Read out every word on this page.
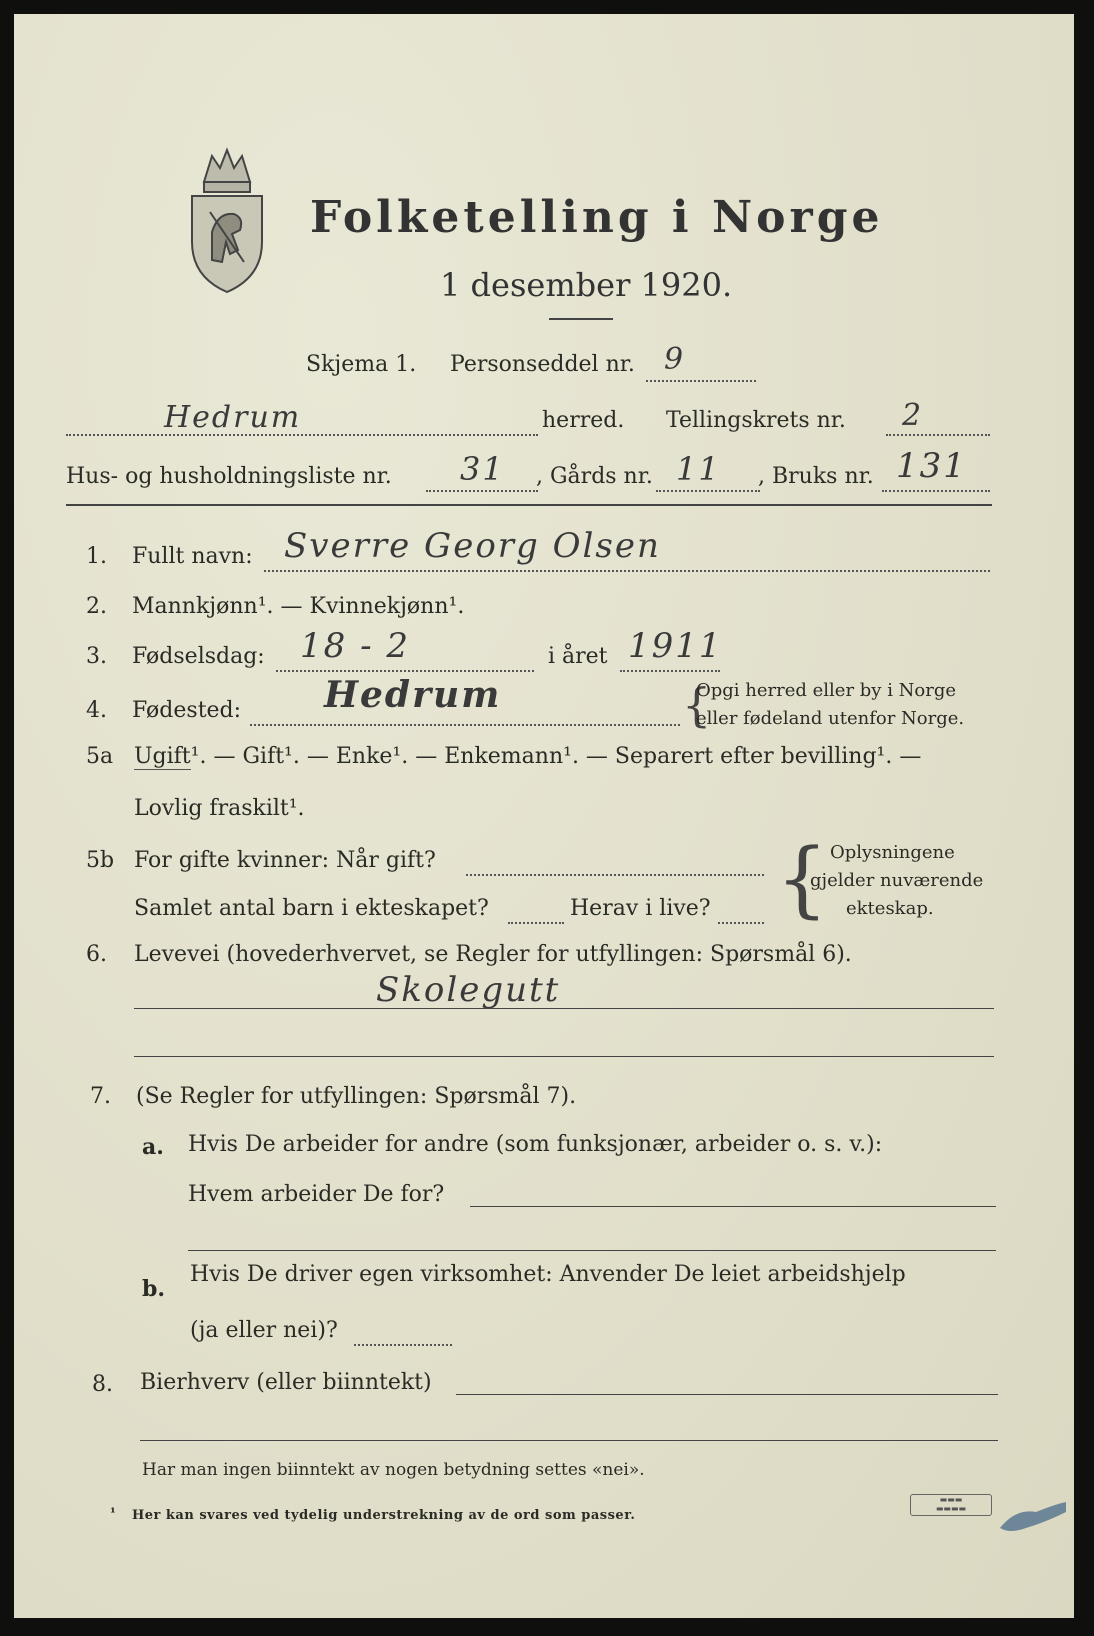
Folketelling i Norge
1 desember 1920.
Skjema 1. Personseddel nr. 9
Hedrum	herred. Tellingskrets nr. 2
Hus- og husholdningsliste nr. 31 , Gårds nr. 11 , Bruks nr. 131
1. Fullt navn: Sverre Georg Olsen
2. Mannkjønn¹. — Kvinnekjønn¹.
3. Fødselsdag: 18 - 2	i året 1911
4. Fødested: Hedrum	{
Opgi herred eller by i Norge
eller fødeland utenfor Norge.
5a Ugift¹. — Gift¹. — Enke¹. — Enkemann¹. — Separert efter bevilling¹. —
Lovlig fraskilt¹.
5b For gifte kvinner: Når gift?
Samlet antal barn i ekteskapet?	Herav i live? { Oplysningene
gjelder nuværende
ekteskap.
6. Levevei (hovederhvervet, se Regler for utfyllingen: Spørsmål 6).
Skolegutt
7. (Se Regler for utfyllingen: Spørsmål 7).
a. Hvis De arbeider for andre (som funksjonær, arbeider o. s. v.):
Hvem arbeider De for?
b.
Hvis De driver egen virksomhet: Anvender De leiet arbeidshjelp
(ja eller nei)?
8. Bierhverv (eller biinntekt)
Har man ingen biinntekt av nogen betydning settes «nei».
¹ Her kan svares ved tydelig understrekning av de ord som passer.
▬▬▬
▬▬▬▬
